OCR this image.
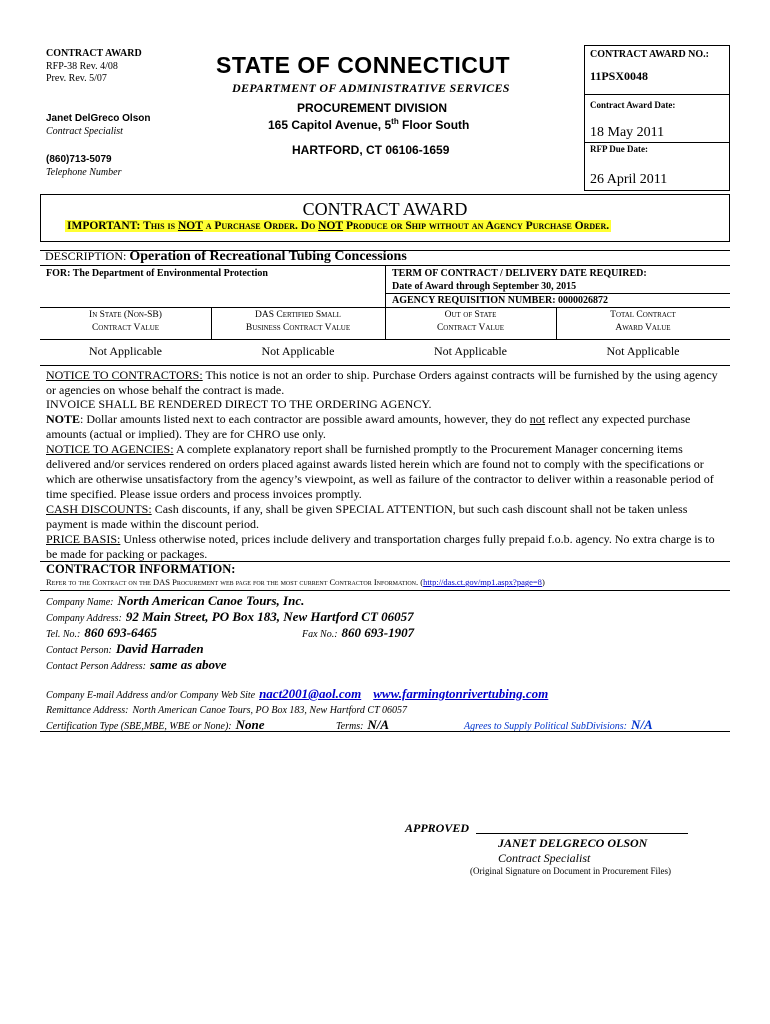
CONTRACT AWARD
RFP-38 Rev. 4/08
Prev. Rev. 5/07
Janet DelGreco Olson
Contract Specialist
(860)713-5079
Telephone Number
STATE OF CONNECTICUT
DEPARTMENT OF ADMINISTRATIVE SERVICES
PROCUREMENT DIVISION
165 Capitol Avenue, 5th Floor South
HARTFORD, CT 06106-1659
CONTRACT AWARD NO.:
11PSX0048
Contract Award Date:
18 May 2011
RFP Due Date:
26 April 2011
CONTRACT AWARD
IMPORTANT: This is NOT a Purchase Order. Do NOT Produce or Ship without an Agency Purchase Order.
DESCRIPTION: Operation of Recreational Tubing Concessions
FOR: The Department of Environmental Protection	TERM OF CONTRACT / DELIVERY DATE REQUIRED:
Date of Award through September 30, 2015
AGENCY REQUISITION NUMBER: 0000026872
In State (Non-SB)
Contract Value
DAS Certified Small
Business Contract Value
Out of State
Contract Value
Total Contract
Award Value
Not Applicable	Not Applicable	Not Applicable	Not Applicable
NOTICE TO CONTRACTORS: This notice is not an order to ship. Purchase Orders against contracts will be furnished by the using agency or agencies on whose behalf the contract is made.
INVOICE SHALL BE RENDERED DIRECT TO THE ORDERING AGENCY.
NOTE: Dollar amounts listed next to each contractor are possible award amounts, however, they do not reflect any expected purchase amounts (actual or implied). They are for CHRO use only.
NOTICE TO AGENCIES: A complete explanatory report shall be furnished promptly to the Procurement Manager concerning items delivered and/or services rendered on orders placed against awards listed herein which are found not to comply with the specifications or which are otherwise unsatisfactory from the agency’s viewpoint, as well as failure of the contractor to deliver within a reasonable period of time specified. Please issue orders and process invoices promptly.
CASH DISCOUNTS: Cash discounts, if any, shall be given SPECIAL ATTENTION, but such cash discount shall not be taken unless payment is made within the discount period.
PRICE BASIS: Unless otherwise noted, prices include delivery and transportation charges fully prepaid f.o.b. agency. No extra charge is to be made for packing or packages.
CONTRACTOR INFORMATION:
Refer to the Contract on the DAS Procurement web page for the most current Contractor Information. (http://das.ct.gov/mp1.aspx?page=8)
Company Name: North American Canoe Tours, Inc.
Company Address: 92 Main Street, PO Box 183, New Hartford CT 06057
Tel. No.: 860 693-6465	Fax No.: 860 693-1907
Contact Person: David Harraden
Contact Person Address: same as above
Company E-mail Address and/or Company Web Site nact2001@aol.com www.farmingtonrivertubing.com
Remittance Address: North American Canoe Tours, PO Box 183, New Hartford CT 06057
Certification Type (SBE,MBE, WBE or None): None	Terms: N/A	Agrees to Supply Political SubDivisions: N/A
APPROVED
JANET DELGRECO OLSON
Contract Specialist
(Original Signature on Document in Procurement Files)
